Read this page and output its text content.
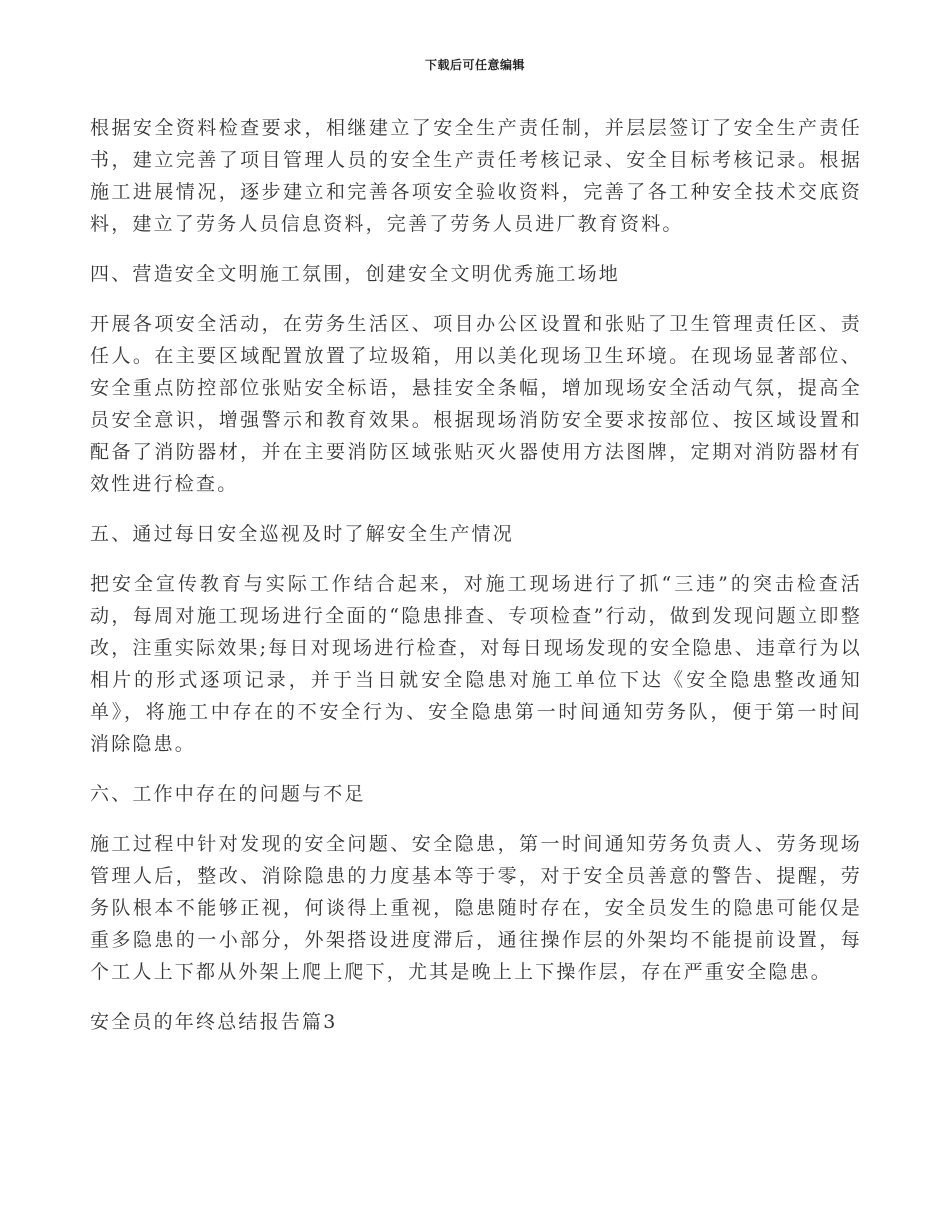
下载后可任意编辑

根据安全资料检查要求，相继建立了安全生产责任制，并层层签订了安全生产责任书，建立完善了项目管理人员的安全生产责任考核记录、安全目标考核记录。根据施工进展情况，逐步建立和完善各项安全验收资料，完善了各工种安全技术交底资料，建立了劳务人员信息资料，完善了劳务人员进厂教育资料。

四、营造安全文明施工氛围，创建安全文明优秀施工场地

开展各项安全活动，在劳务生活区、项目办公区设置和张贴了卫生管理责任区、责任人。在主要区域配置放置了垃圾箱，用以美化现场卫生环境。在现场显著部位、安全重点防控部位张贴安全标语，悬挂安全条幅，增加现场安全活动气氛，提高全员安全意识，增强警示和教育效果。根据现场消防安全要求按部位、按区域设置和配备了消防器材，并在主要消防区域张贴灭火器使用方法图牌，定期对消防器材有效性进行检查。

五、通过每日安全巡视及时了解安全生产情况

把安全宣传教育与实际工作结合起来，对施工现场进行了抓“三违”的突击检查活动，每周对施工现场进行全面的“隐患排查、专项检查”行动，做到发现问题立即整改，注重实际效果;每日对现场进行检查，对每日现场发现的安全隐患、违章行为以相片的形式逐项记录，并于当日就安全隐患对施工单位下达《安全隐患整改通知单》，将施工中存在的不安全行为、安全隐患第一时间通知劳务队，便于第一时间消除隐患。

六、工作中存在的问题与不足

施工过程中针对发现的安全问题、安全隐患，第一时间通知劳务负责人、劳务现场管理人后，整改、消除隐患的力度基本等于零，对于安全员善意的警告、提醒，劳务队根本不能够正视，何谈得上重视，隐患随时存在，安全员发生的隐患可能仅是重多隐患的一小部分，外架搭设进度滞后，通往操作层的外架均不能提前设置，每个工人上下都从外架上爬上爬下，尤其是晚上上下操作层，存在严重安全隐患。

安全员的年终总结报告篇3
